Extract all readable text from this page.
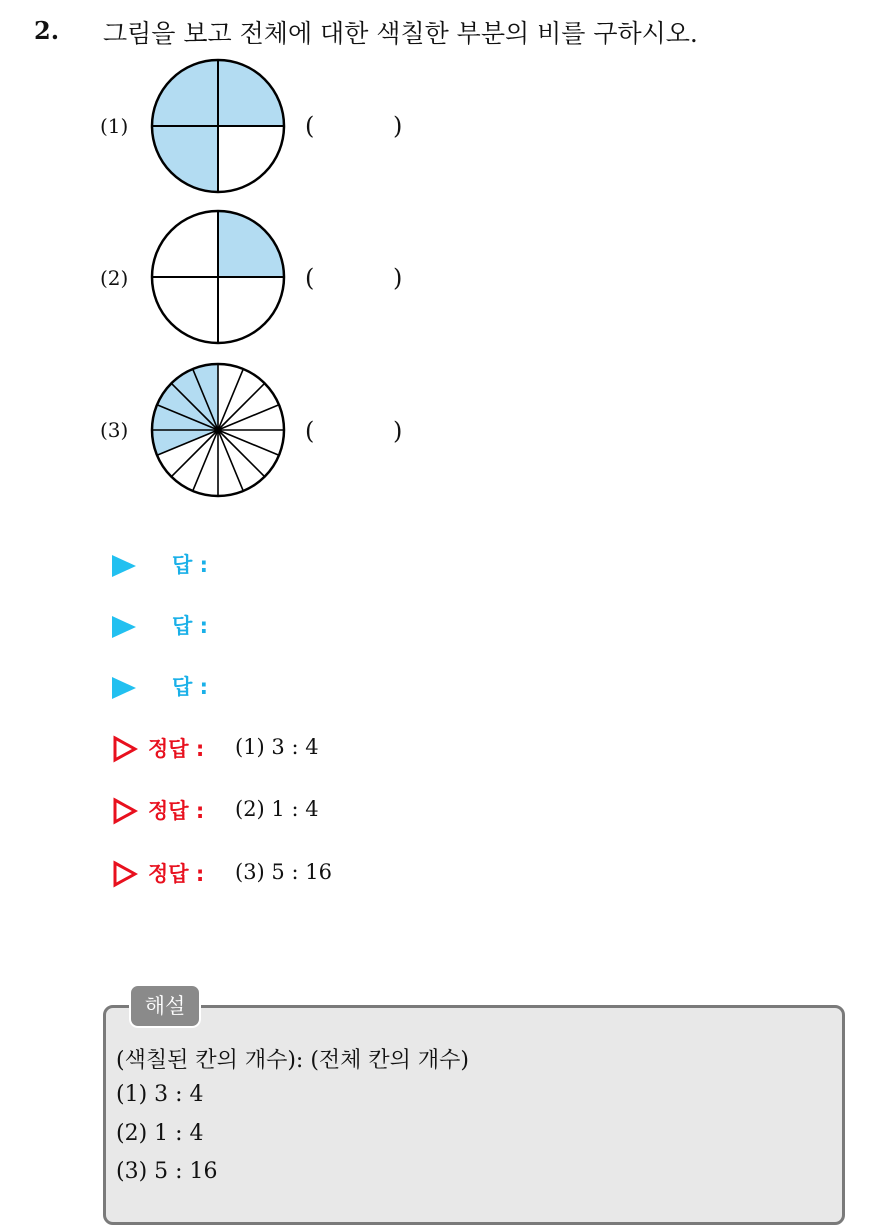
2. 그림을 보고 전체에 대한 색칠한 부분의 비를 구하시오.
(1)	(	)
(2)	(	)
(3)	(	)
답 :
답 :
답 :
정답 : (1) 3 : 4
정답 : (2) 1 : 4
정답 : (3) 5 : 16
해설
(색칠된 칸의 개수): (전체 칸의 개수)
(1) 3 : 4
(2) 1 : 4
(3) 5 : 16
